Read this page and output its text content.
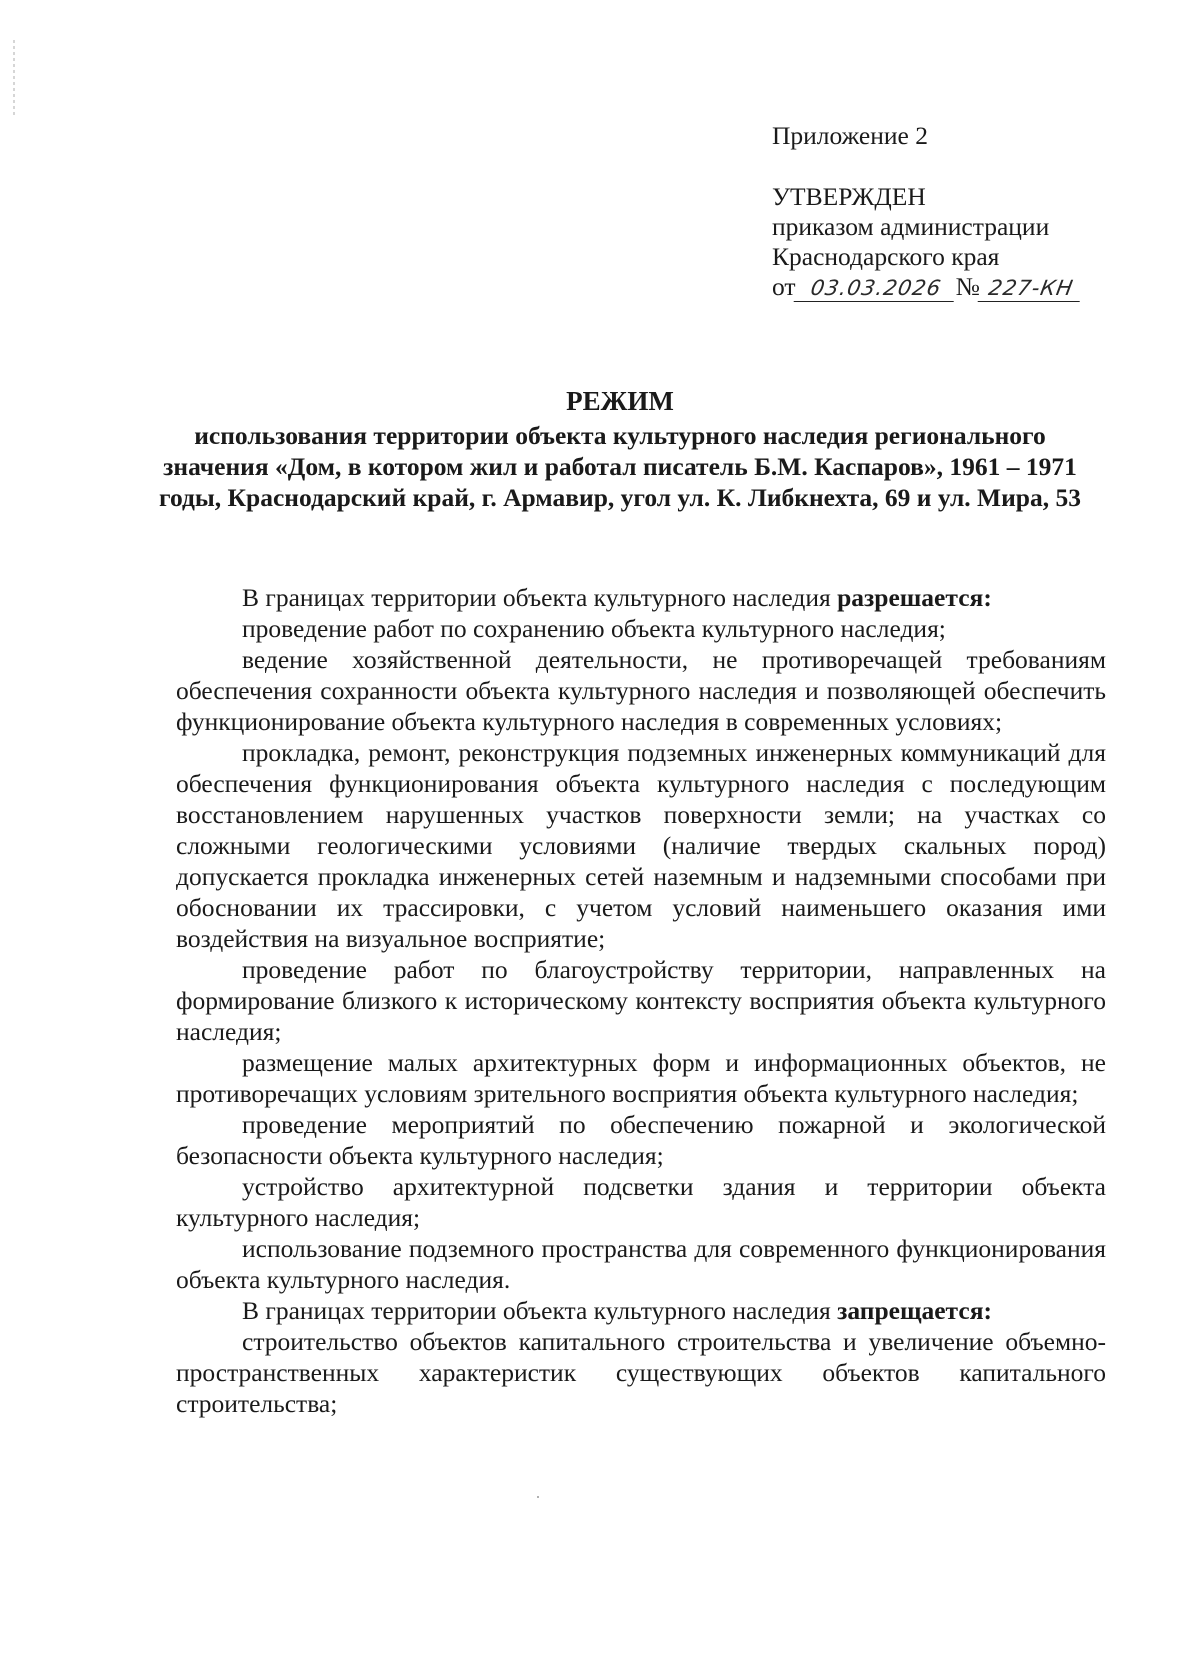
Приложение 2
УТВЕРЖДЕН
приказом администрации
Краснодарского края
от 03.03.2026 № 227-КН
РЕЖИМ
использования территории объекта культурного наследия регионального значения «Дом, в котором жил и работал писатель Б.М. Каспаров», 1961 – 1971 годы, Краснодарский край, г. Армавир, угол ул. К. Либкнехта, 69 и ул. Мира, 53

В границах территории объекта культурного наследия разрешается:

проведение работ по сохранению объекта культурного наследия;

ведение хозяйственной деятельности, не противоречащей требованиям обеспечения сохранности объекта культурного наследия и позволяющей обеспечить функционирование объекта культурного наследия в современных условиях;

прокладка, ремонт, реконструкция подземных инженерных коммуникаций для обеспечения функционирования объекта культурного наследия с последующим восстановлением нарушенных участков поверхности земли; на участках со сложными геологическими условиями (наличие твердых скальных пород) допускается прокладка инженерных сетей наземным и надземными способами при обосновании их трассировки, с учетом условий наименьшего оказания ими воздействия на визуальное восприятие;

проведение работ по благоустройству территории, направленных на формирование близкого к историческому контексту восприятия объекта культурного наследия;

размещение малых архитектурных форм и информационных объектов, не противоречащих условиям зрительного восприятия объекта культурного наследия;

проведение мероприятий по обеспечению пожарной и экологической безопасности объекта культурного наследия;

устройство архитектурной подсветки здания и территории объекта культурного наследия;

использование подземного пространства для современного функционирования объекта культурного наследия.

В границах территории объекта культурного наследия запрещается:

строительство объектов капитального строительства и увеличение объемно-пространственных характеристик существующих объектов капитального строительства;
